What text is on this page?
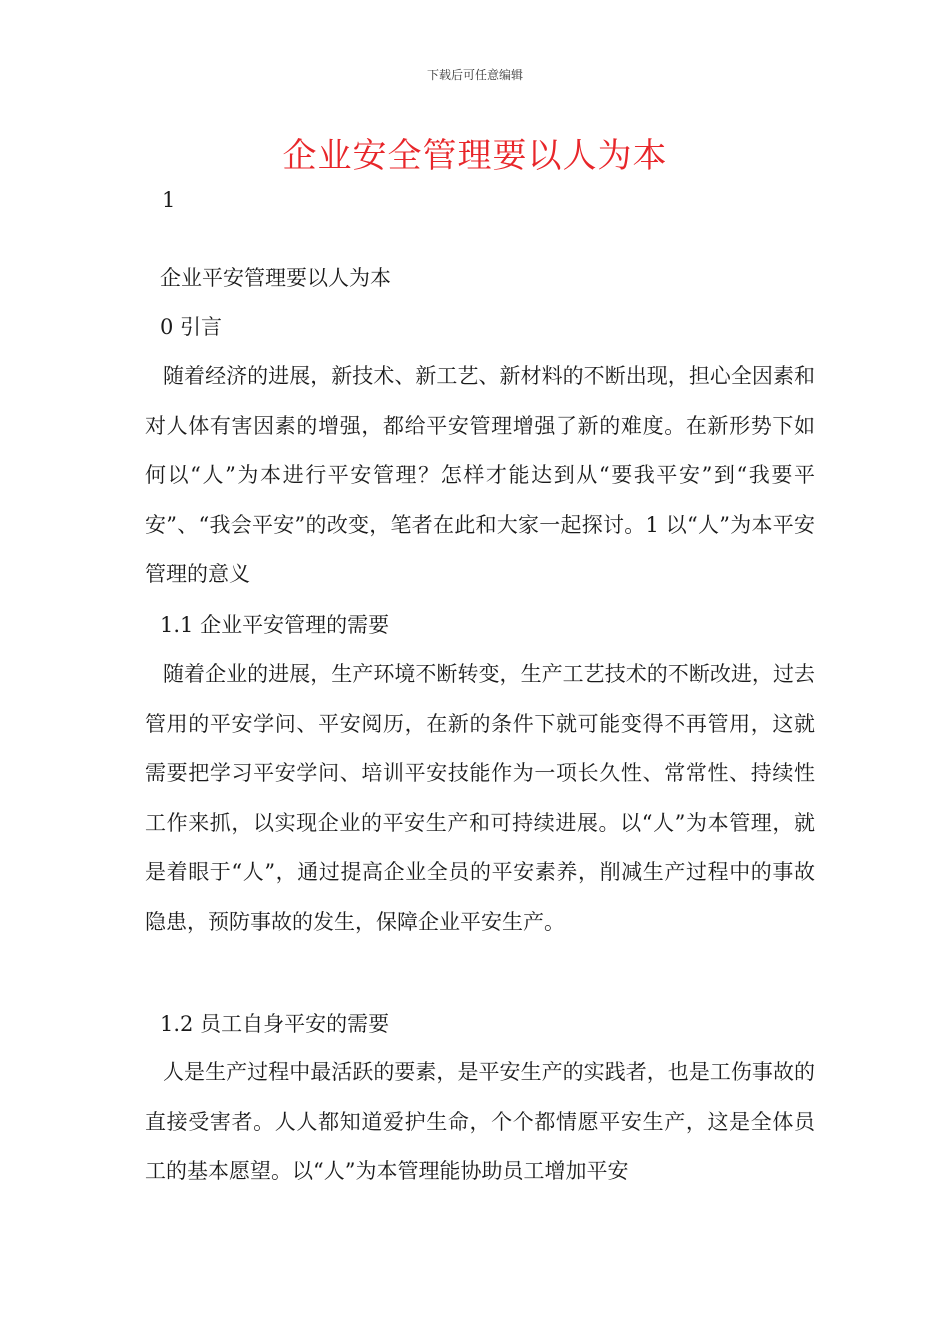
下载后可任意编辑
企业安全管理要以人为本
1
企业平安管理要以人为本
0 引言
随着经济的进展，新技术、新工艺、新材料的不断出现，担心全因素和对人体有害因素的增强，都给平安管理增强了新的难度。在新形势下如何以“人”为本进行平安管理？怎样才能达到从“要我平安”到“我要平安”、“我会平安”的改变，笔者在此和大家一起探讨。1 以“人”为本平安管理的意义
1.1 企业平安管理的需要
随着企业的进展，生产环境不断转变，生产工艺技术的不断改进，过去管用的平安学问、平安阅历，在新的条件下就可能变得不再管用，这就需要把学习平安学问、培训平安技能作为一项长久性、常常性、持续性工作来抓，以实现企业的平安生产和可持续进展。以“人”为本管理，就是着眼于“人”，通过提高企业全员的平安素养，削减生产过程中的事故隐患，预防事故的发生，保障企业平安生产。
1.2 员工自身平安的需要
人是生产过程中最活跃的要素，是平安生产的实践者，也是工伤事故的直接受害者。人人都知道爱护生命，个个都情愿平安生产，这是全体员工的基本愿望。以“人”为本管理能协助员工增加平安
